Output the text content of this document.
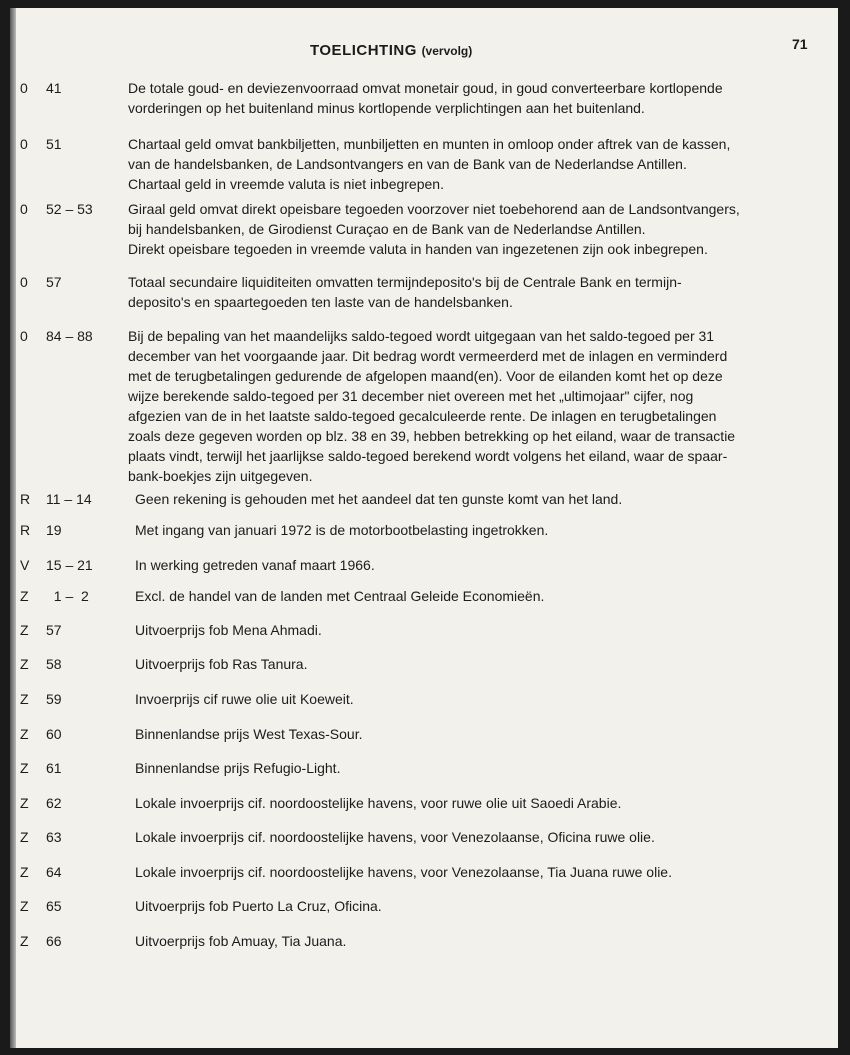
TOELICHTING (vervolg)	71
0 41	De totale goud- en deviezenvoorraad omvat monetair goud, in goud converteerbare kortlopende
vorderingen op het buitenland minus kortlopende verplichtingen aan het buitenland.
0 51	Chartaal geld omvat bankbiljetten, munbiljetten en munten in omloop onder aftrek van de kassen,
van de handelsbanken, de Landsontvangers en van de Bank van de Nederlandse Antillen.
Chartaal geld in vreemde valuta is niet inbegrepen.
0 52 – 53	Giraal geld omvat direkt opeisbare tegoeden voorzover niet toebehorend aan de Landsontvangers,
bij handelsbanken, de Girodienst Curaçao en de Bank van de Nederlandse Antillen.
Direkt opeisbare tegoeden in vreemde valuta in handen van ingezetenen zijn ook inbegrepen.
0 57	Totaal secundaire liquiditeiten omvatten termijndeposito's bij de Centrale Bank en termijn-
deposito's en spaartegoeden ten laste van de handelsbanken.
0 84 – 88	Bij de bepaling van het maandelijks saldo-tegoed wordt uitgegaan van het saldo-tegoed per 31
december van het voorgaande jaar. Dit bedrag wordt vermeerderd met de inlagen en verminderd
met de terugbetalingen gedurende de afgelopen maand(en). Voor de eilanden komt het op deze
wijze berekende saldo-tegoed per 31 december niet overeen met het „ultimojaar" cijfer, nog
afgezien van de in het laatste saldo-tegoed gecalculeerde rente. De inlagen en terugbetalingen
zoals deze gegeven worden op blz. 38 en 39, hebben betrekking op het eiland, waar de transactie
plaats vindt, terwijl het jaarlijkse saldo-tegoed berekend wordt volgens het eiland, waar de spaar-
bank-boekjes zijn uitgegeven.
R 11 – 14	Geen rekening is gehouden met het aandeel dat ten gunste komt van het land.
R 19	Met ingang van januari 1972 is de motorbootbelasting ingetrokken.
V 15 – 21	In werking getreden vanaf maart 1966.
Z 1 –  2	Excl. de handel van de landen met Centraal Geleide Economieën.
Z 57	Uitvoerprijs fob Mena Ahmadi.
Z 58	Uitvoerprijs fob Ras Tanura.
Z 59	Invoerprijs cif ruwe olie uit Koeweit.
Z 60	Binnenlandse prijs West Texas-Sour.
Z 61	Binnenlandse prijs Refugio-Light.
Z 62	Lokale invoerprijs cif. noordoostelijke havens, voor ruwe olie uit Saoedi Arabie.
Z 63	Lokale invoerprijs cif. noordoostelijke havens, voor Venezolaanse, Oficina ruwe olie.
Z 64	Lokale invoerprijs cif. noordoostelijke havens, voor Venezolaanse, Tia Juana ruwe olie.
Z 65	Uitvoerprijs fob Puerto La Cruz, Oficina.
Z 66	Uitvoerprijs fob Amuay, Tia Juana.
